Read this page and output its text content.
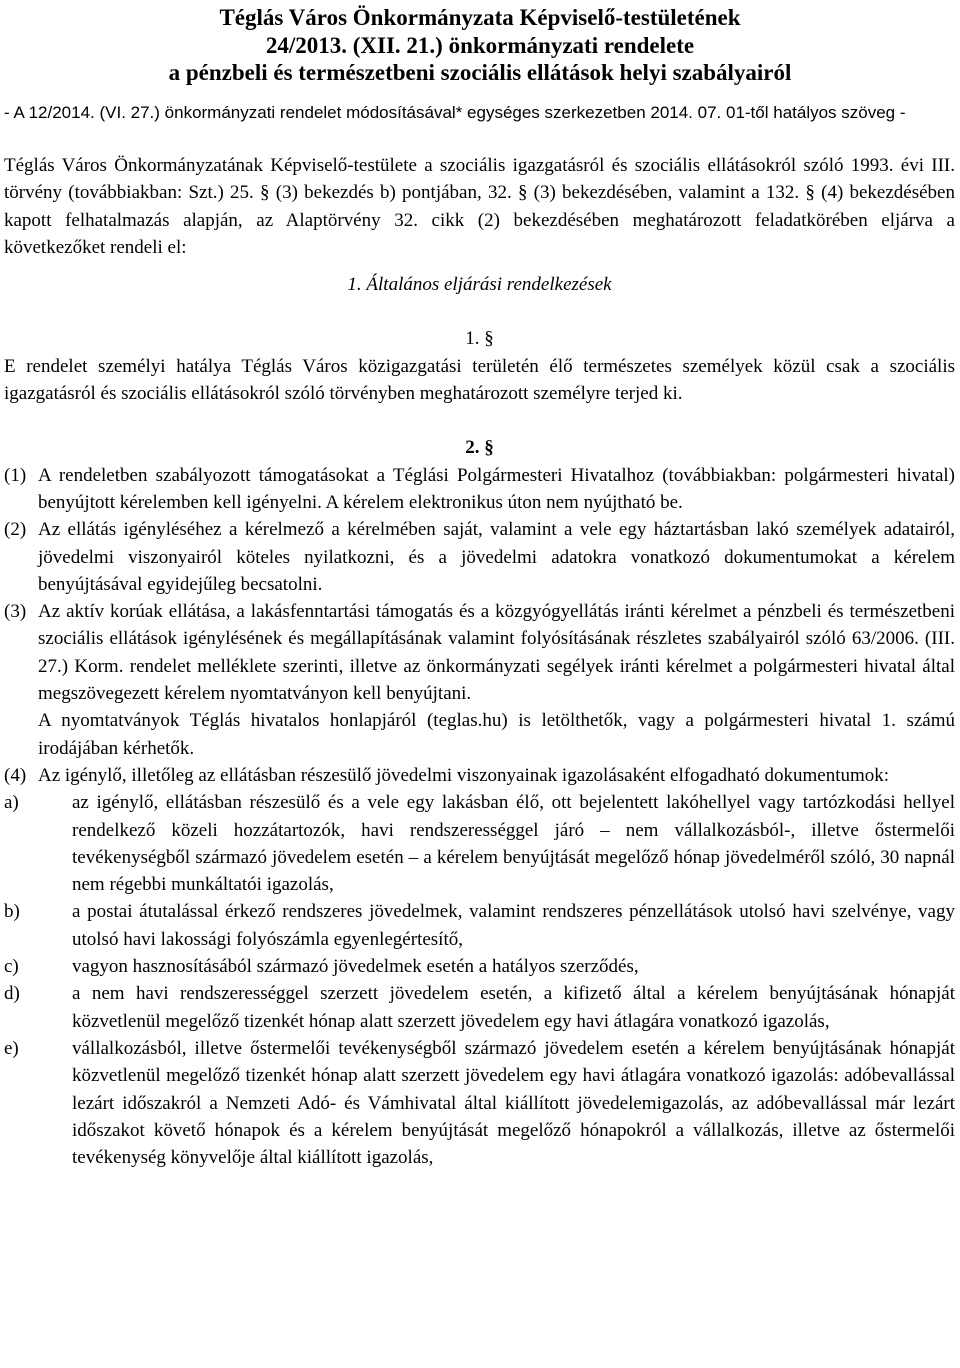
Téglás Város Önkormányzata Képviselő-testületének
24/2013. (XII. 21.) önkormányzati rendelete
a pénzbeli és természetbeni szociális ellátások helyi szabályairól
- A 12/2014. (VI. 27.) önkormányzati rendelet módosításával* egységes szerkezetben 2014. 07. 01-től hatályos szöveg -
Téglás Város Önkormányzatának Képviselő-testülete a szociális igazgatásról és szociális ellátásokról szóló 1993. évi III. törvény (továbbiakban: Szt.) 25. § (3) bekezdés b) pontjában, 32. § (3) bekezdésében, valamint a 132. § (4) bekezdésében kapott felhatalmazás alapján, az Alaptörvény 32. cikk (2) bekezdésében meghatározott feladatkörében eljárva a következőket rendeli el:
1. Általános eljárási rendelkezések
1. §
E rendelet személyi hatálya Téglás Város közigazgatási területén élő természetes személyek közül csak a szociális igazgatásról és szociális ellátásokról szóló törvényben meghatározott személyre terjed ki.
2. §
(1) A rendeletben szabályozott támogatásokat a Téglási Polgármesteri Hivatalhoz (továbbiakban: polgármesteri hivatal) benyújtott kérelemben kell igényelni. A kérelem elektronikus úton nem nyújtható be.
(2) Az ellátás igényléséhez a kérelmező a kérelmében saját, valamint a vele egy háztartásban lakó személyek adatairól, jövedelmi viszonyairól köteles nyilatkozni, és a jövedelmi adatokra vonatkozó dokumentumokat a kérelem benyújtásával egyidejűleg becsatolni.
(3) Az aktív korúak ellátása, a lakásfenntartási támogatás és a közgyógyellátás iránti kérelmet a pénzbeli és természetbeni szociális ellátások igénylésének és megállapításának valamint folyósításának részletes szabályairól szóló 63/2006. (III. 27.) Korm. rendelet melléklete szerinti, illetve az önkormányzati segélyek iránti kérelmet a polgármesteri hivatal által megszövegezett kérelem nyomtatványon kell benyújtani.
A nyomtatványok Téglás hivatalos honlapjáról (teglas.hu) is letölthetők, vagy a polgármesteri hivatal 1. számú irodájában kérhetők.
(4) Az igénylő, illetőleg az ellátásban részesülő jövedelmi viszonyainak igazolásaként elfogadható dokumentumok:
a)	az igénylő, ellátásban részesülő és a vele egy lakásban élő, ott bejelentett lakóhellyel vagy tartózkodási hellyel rendelkező közeli hozzátartozók, havi rendszerességgel járó – nem vállalkozásból-, illetve őstermelői tevékenységből származó jövedelem esetén – a kérelem benyújtását megelőző hónap jövedelméről szóló, 30 napnál nem régebbi munkáltatói igazolás,
b)	a postai átutalással érkező rendszeres jövedelmek, valamint rendszeres pénzellátások utolsó havi szelvénye, vagy utolsó havi lakossági folyószámla egyenlegértesítő,
c)	vagyon hasznosításából származó jövedelmek esetén a hatályos szerződés,
d)	a nem havi rendszerességgel szerzett jövedelem esetén, a kifizető által a kérelem benyújtásának hónapját közvetlenül megelőző tizenkét hónap alatt szerzett jövedelem egy havi átlagára vonatkozó igazolás,
e)	vállalkozásból, illetve őstermelői tevékenységből származó jövedelem esetén a kérelem benyújtásának hónapját közvetlenül megelőző tizenkét hónap alatt szerzett jövedelem egy havi átlagára vonatkozó igazolás: adóbevallással lezárt időszakról a Nemzeti Adó- és Vámhivatal által kiállított jövedelemigazolás, az adóbevallással már lezárt időszakot követő hónapok és a kérelem benyújtását megelőző hónapokról a vállalkozás, illetve az őstermelői tevékenység könyvelője által kiállított igazolás,
